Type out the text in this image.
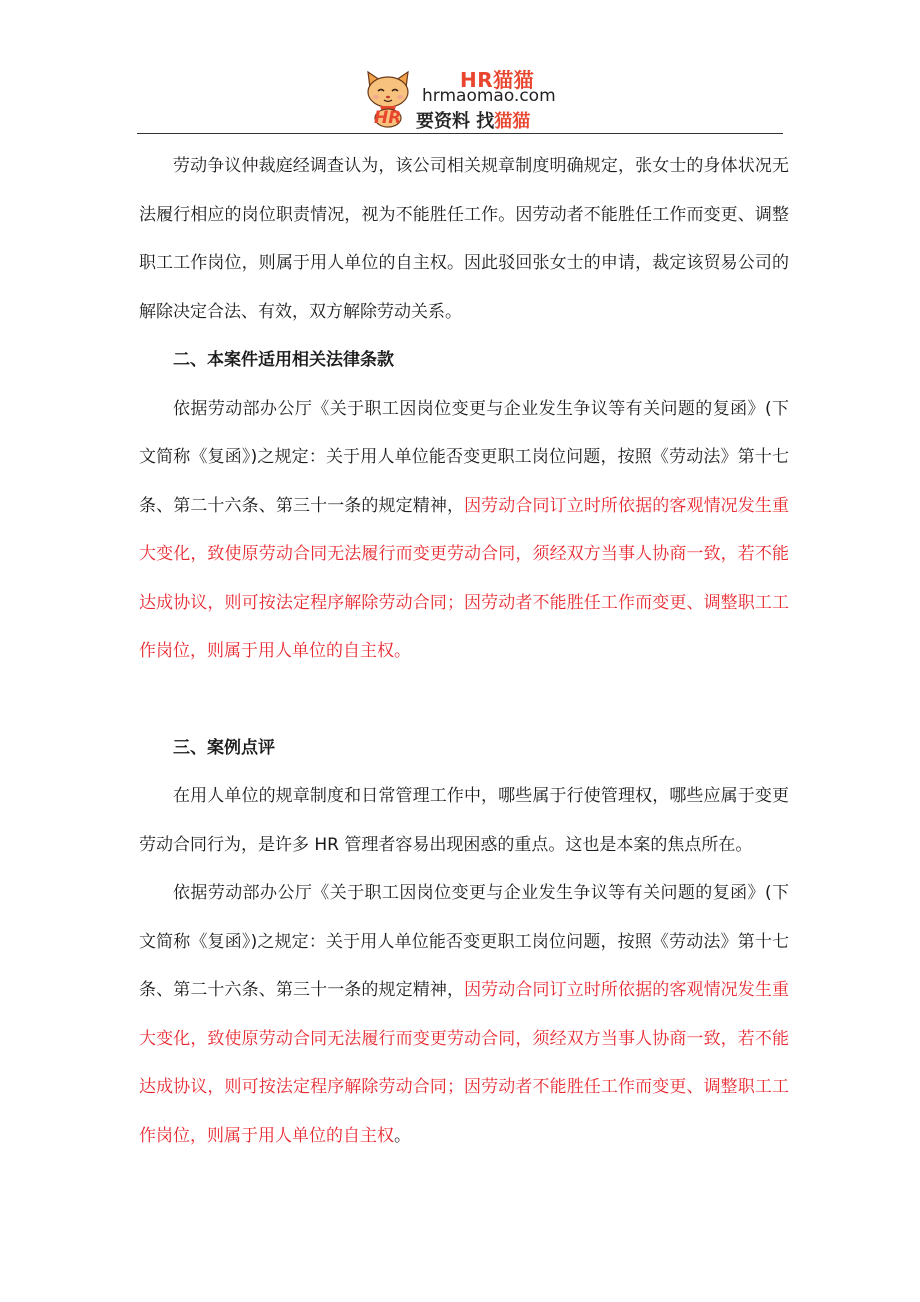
HR猫猫
hrmaomao.com
HR 要资料 找猫猫

劳动争议仲裁庭经调查认为，该公司相关规章制度明确规定，张女士的身体状况无法履行相应的岗位职责情况，视为不能胜任工作。因劳动者不能胜任工作而变更、调整职工工作岗位，则属于用人单位的自主权。因此驳回张女士的申请，裁定该贸易公司的解除决定合法、有效，双方解除劳动关系。

二、本案件适用相关法律条款

依据劳动部办公厅《关于职工因岗位变更与企业发生争议等有关问题的复函》(下文简称《复函》)之规定：关于用人单位能否变更职工岗位问题，按照《劳动法》第十七条、第二十六条、第三十一条的规定精神，因劳动合同订立时所依据的客观情况发生重大变化，致使原劳动合同无法履行而变更劳动合同，须经双方当事人协商一致，若不能达成协议，则可按法定程序解除劳动合同；因劳动者不能胜任工作而变更、调整职工工作岗位，则属于用人单位的自主权。

三、案例点评

在用人单位的规章制度和日常管理工作中，哪些属于行使管理权，哪些应属于变更劳动合同行为，是许多 HR 管理者容易出现困惑的重点。这也是本案的焦点所在。

依据劳动部办公厅《关于职工因岗位变更与企业发生争议等有关问题的复函》(下文简称《复函》)之规定：关于用人单位能否变更职工岗位问题，按照《劳动法》第十七条、第二十六条、第三十一条的规定精神，因劳动合同订立时所依据的客观情况发生重大变化，致使原劳动合同无法履行而变更劳动合同，须经双方当事人协商一致，若不能达成协议，则可按法定程序解除劳动合同；因劳动者不能胜任工作而变更、调整职工工作岗位，则属于用人单位的自主权。
